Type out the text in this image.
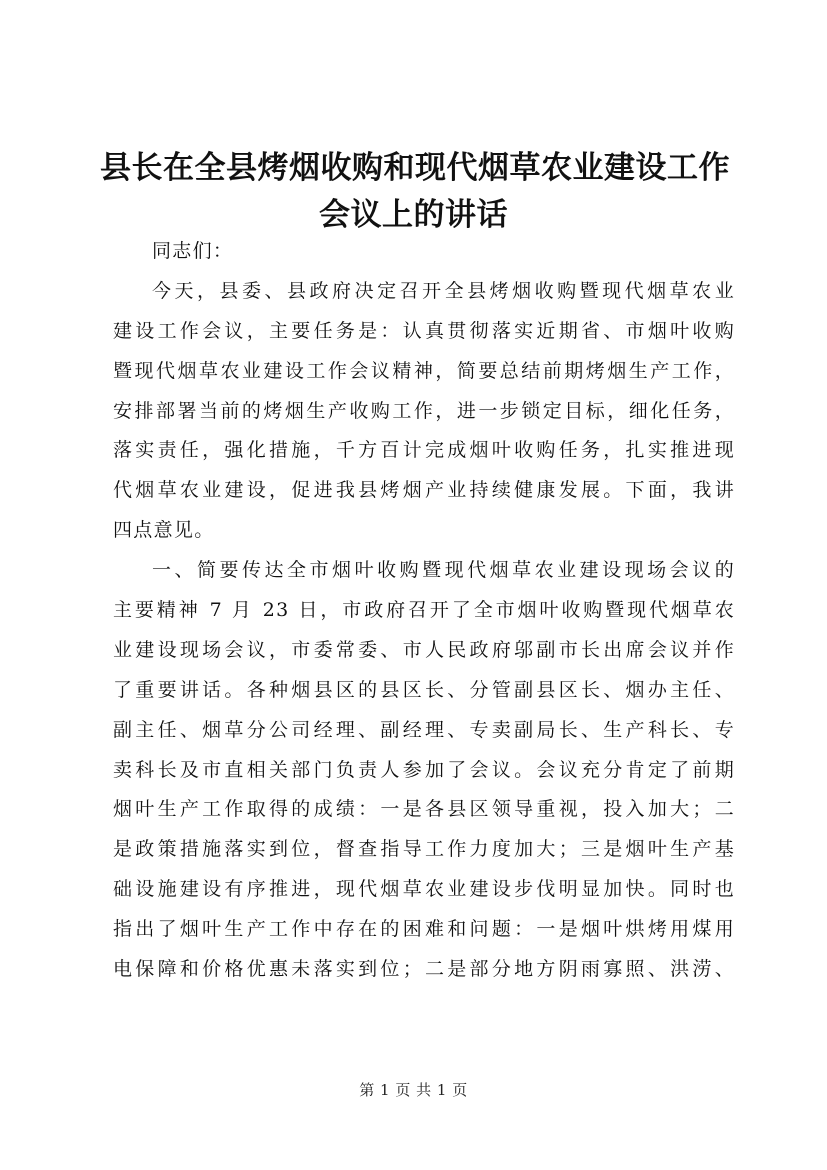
县长在全县烤烟收购和现代烟草农业建设工作
会议上的讲话
同志们：
今天，县委、县政府决定召开全县烤烟收购暨现代烟草农业
建设工作会议，主要任务是：认真贯彻落实近期省、市烟叶收购
暨现代烟草农业建设工作会议精神，简要总结前期烤烟生产工作，
安排部署当前的烤烟生产收购工作，进一步锁定目标，细化任务，
落实责任，强化措施，千方百计完成烟叶收购任务，扎实推进现
代烟草农业建设，促进我县烤烟产业持续健康发展。下面，我讲
四点意见。
一、简要传达全市烟叶收购暨现代烟草农业建设现场会议的
主要精神 7 月 23 日，市政府召开了全市烟叶收购暨现代烟草农
业建设现场会议，市委常委、市人民政府邬副市长出席会议并作
了重要讲话。各种烟县区的县区长、分管副县区长、烟办主任、
副主任、烟草分公司经理、副经理、专卖副局长、生产科长、专
卖科长及市直相关部门负责人参加了会议。会议充分肯定了前期
烟叶生产工作取得的成绩：一是各县区领导重视，投入加大；二
是政策措施落实到位，督查指导工作力度加大；三是烟叶生产基
础设施建设有序推进，现代烟草农业建设步伐明显加快。同时也
指出了烟叶生产工作中存在的困难和问题：一是烟叶烘烤用煤用
电保障和价格优惠未落实到位；二是部分地方阴雨寡照、洪涝、
第 1 页 共 1 页
